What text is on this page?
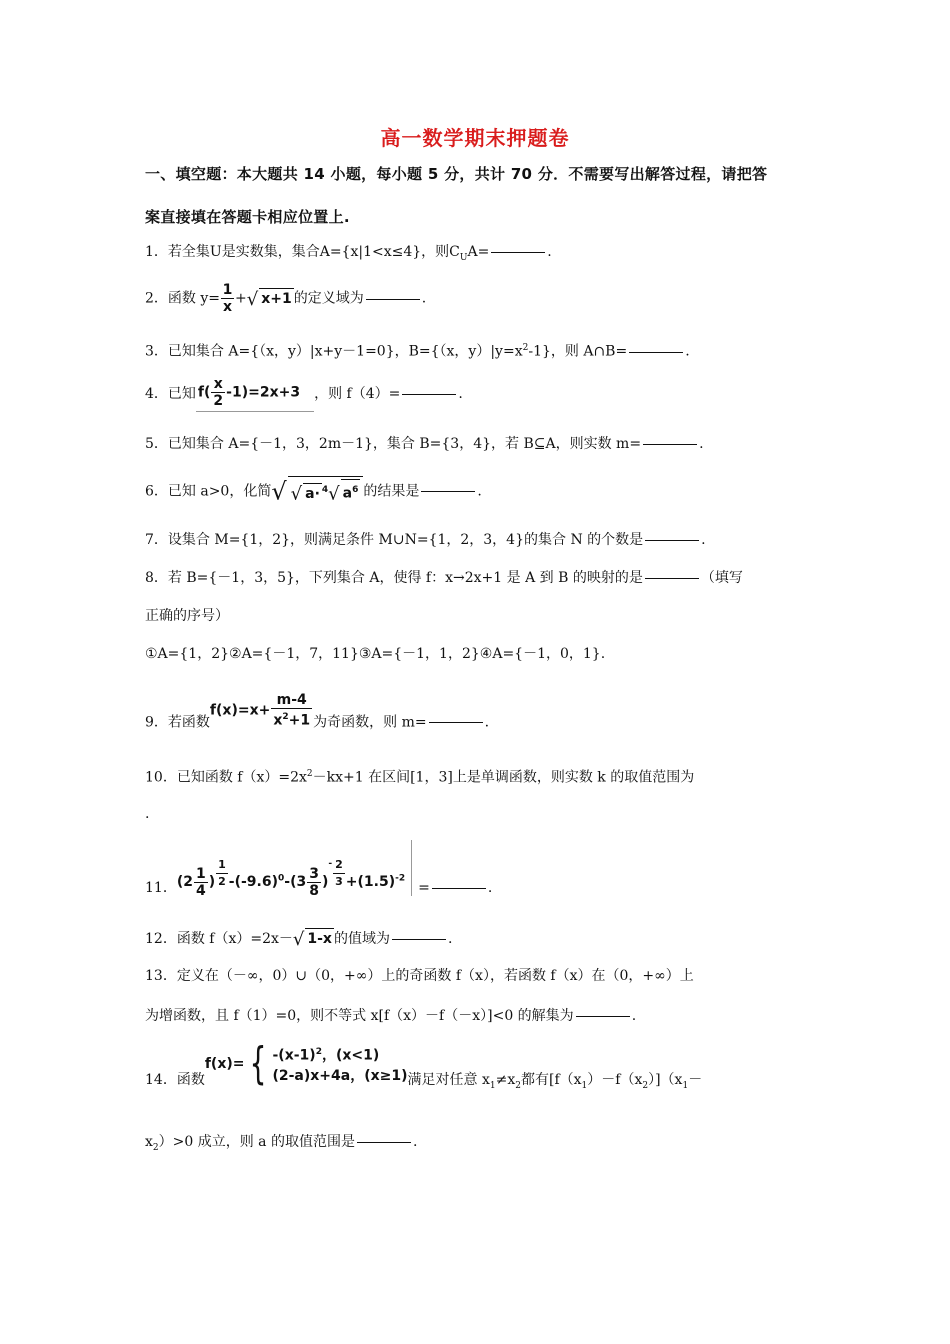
高一数学期末押题卷
一、填空题：本大题共 14 小题，每小题 5 分，共计 70 分．不需要写出解答过程，请把答
案直接填在答题卡相应位置上.
1．若全集U是实数集，集合A={x|1<x≤4}，则$C_UA=$	.
2．函数 $y= \frac{1}{x}$ +√ x+1 的定义域为	.
3．已知集合 A={（x，y）|x+y－1=0}，B={（x，$y)|y=x^2-1$}，则 A∩B=	.
4．已知 $f( \frac{x}{2} -1)=2x+3$ ，则 f（4）=	.
5．已知集合 A={－1，3，2m－1}，集合 B={3，4}，若 B⊆A，则实数 m=	.
6．已知 a>0，化简√ √ a· $^4$√ $a^6$ 的结果是	.
7．设集合 M={1，2}，则满足条件 M∪N={1，2，3，4}的集合 N 的个数是	.
8．若 B={－1，3，5}，下列集合 A，使得 f：x→2x+1 是 A 到 B 的映射的是	（填写
正确的序号）
①A={1，2}②A={－1，7，11}③A={－1，1，2}④A={－1，0，1}.
9．若函数$f(x)=x+ \frac{m-4}{x^2+1}$ 为奇函数，则 m=	.
10．已知函数 $f(x)=2x^2-kx+1$ 在区间[1，3]上是单调函数，则实数 k 的取值范围为
.
11．($2 \frac{1}{4}$ ) $\frac{1}{2} -(-9.6)^0-(3 \frac{3}{8} )^- \frac{2}{3} +(1.5)^{-2}=$	.
12．函数 f（x）=2x－√ 1-x 的值域为	.
13．定义在（－∞，0）∪（0，+∞）上的奇函数 f（x），若函数 f（x）在（0，+∞）上
为增函数，且 f（1）=0，则不等式 x[f（x）－f（－x）]<0 的解集为	.
14．函数f(x)= { $-(x-1)^2$，(x<1)
(2-a)x+4a，(x≥1) 满足对任意 $x_1\ne x_2$都有$[f(x_1)-f(x_2)](x_1-$
$x_2)>0$ 成立，则 a 的取值范围是	.
